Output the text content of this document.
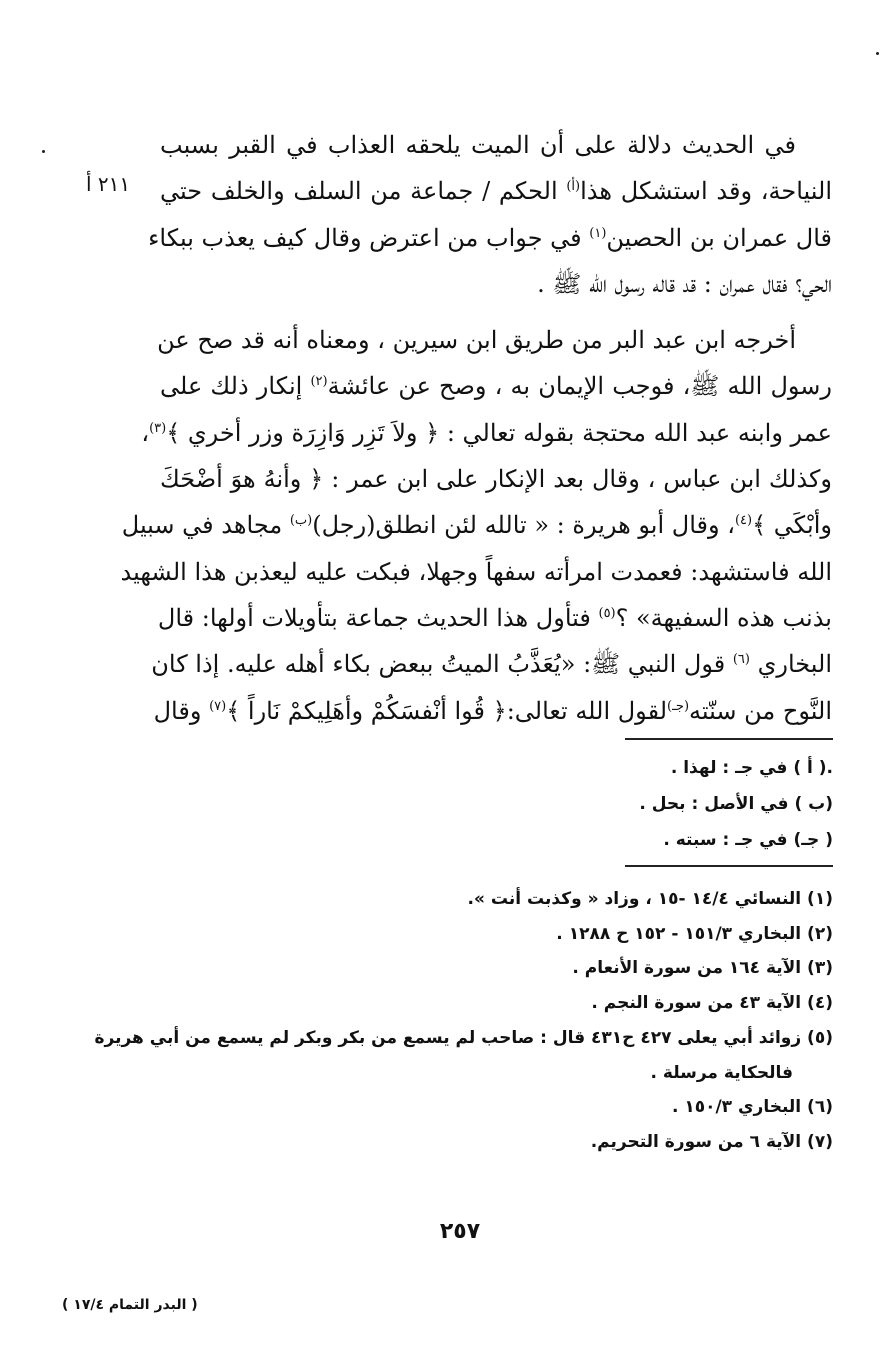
في الحديث دلالة على أن الميت يلحقه العذاب في القبر بسبب
النياحة، وقد استشكل هذا$^{(أ)}$ الحكم / جماعة من السلف والخلف حتي
قال عمران بن الحصين$^{(١)}$ في جواب من اعترض وقال كيف يعذب ببكاء
الحي؟ فقال عمران : قد قاله رسول الله ﷺ .
أخرجه ابن عبد البر من طريق ابن سيرين ، ومعناه أنه قد صح عن
رسول الله ﷺ، فوجب الإيمان به ، وصح عن عائشة$^{(٢)}$ إنكار ذلك على
عمر وابنه عبد الله محتجة بقوله تعالي : ﴿ ولاَ تَزِر وَازِرَة وزر أخري ﴾$^{(٣)}$،
وكذلك ابن عباس ، وقال بعد الإنكار على ابن عمر : ﴿ وأنهُ هوَ أضْحَكَ
وأبْكَي ﴾$^{(٤)}$، وقال أبو هريرة : « تالله لئن انطلق(رجل)$^{(ب)}$ مجاهد في سبيل
الله فاستشهد: فعمدت امرأته سفهاً وجهلا، فبكت عليه ليعذبن هذا الشهيد
بذنب هذه السفيهة» ؟$^{(٥)}$ فتأول هذا الحديث جماعة بتأويلات أولها: قال
البخاري $^{(٦)}$ قول النبي ﷺ: «يُعَذَّبُ الميتُ ببعض بكاء أهله عليه. إذا كان
النَّوح من سنّته$^{(جـ)}$لقول الله تعالى:﴿ قُوا أنْفسَكُمْ وأهَلِيكمْ نَاراً ﴾$^{(٧)}$ وقال
٢١١ أ
.( أ ) في جـ : لهذا .
(ب ) في الأصل : بحل .
( جـ) في جـ : سبته .
(١) النسائي ١٤/٤ -١٥ ، وزاد « وكذبت أنت ».
(٢) البخاري ١٥١/٣ - ١٥٢ ح ١٢٨٨ .
(٣) الآية ١٦٤ من سورة الأنعام .
(٤) الآية ٤٣ من سورة النجم .
(٥) زوائد أبي يعلى ٤٢٧ ح٤٣١ قال : صاحب لم يسمع من بكر وبكر لم يسمع من أبي هريرة
فالحكاية مرسلة .
(٦) البخاري ١٥٠/٣ .
(٧) الآية ٦ من سورة التحريم.
٢٥٧
( البدر التمام ١٧/٤ )
